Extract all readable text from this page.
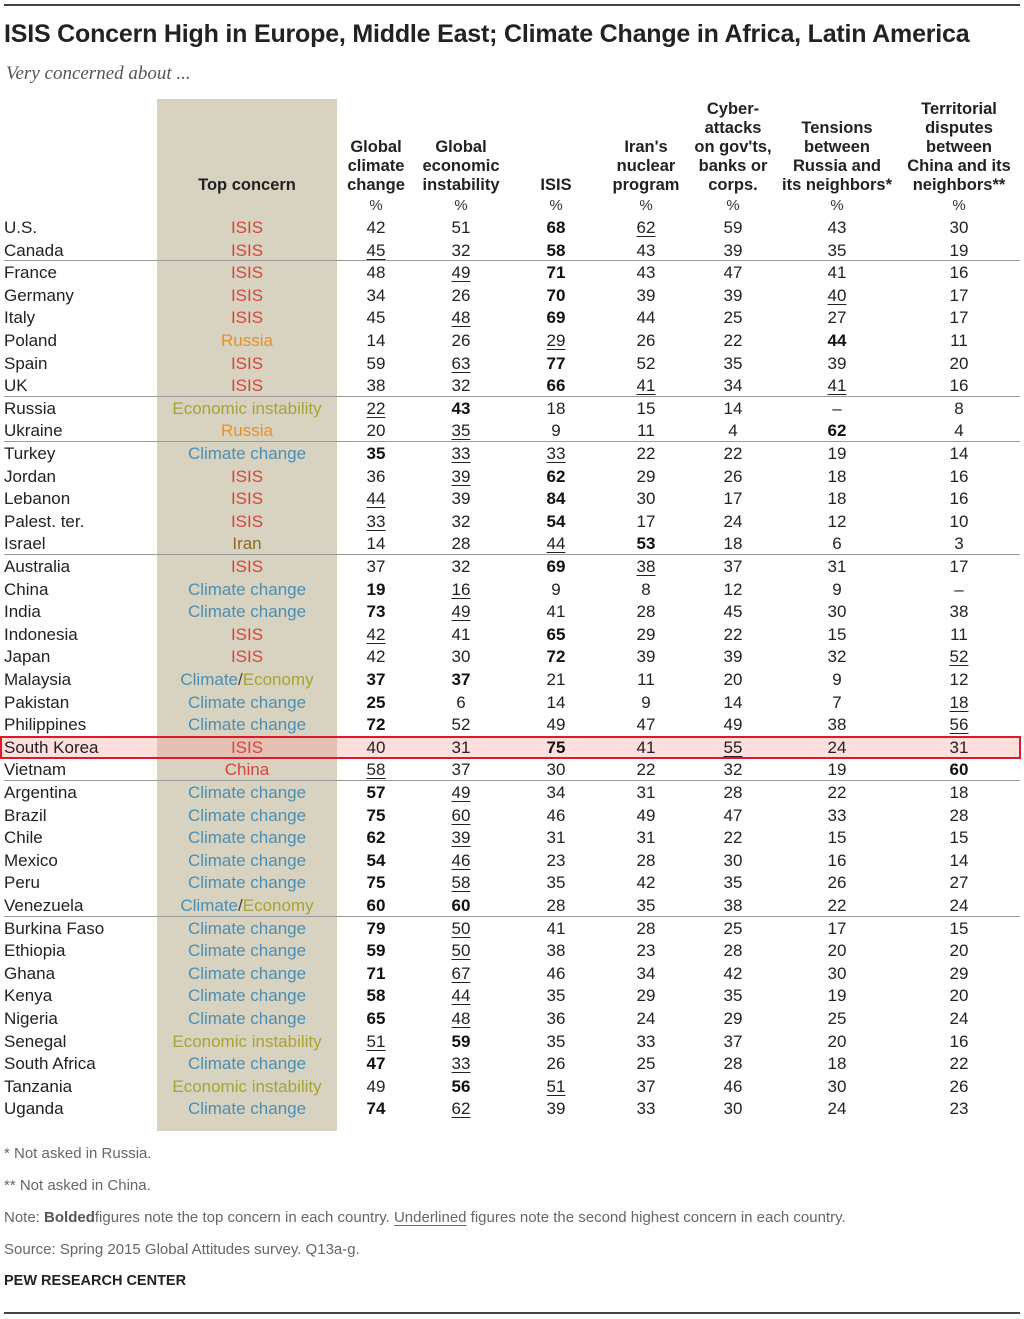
ISIS Concern High in Europe, Middle East; Climate Change in Africa, Latin America
Very concerned about ...
Top concern
Global
climate
change
%
Global
economic
instability
%
ISIS
%
Iran's
nuclear
program
%
Cyber-
attacks
on gov'ts,
banks or
corps.
%
Tensions
between
Russia and
its neighbors*
%
Territorial
disputes
between
China and its
neighbors**
%
U.S.	ISIS	42	51	68	62	59	43	30
Canada	ISIS	45	32	58	43	39	35	19
France	ISIS	48	49	71	43	47	41	16
Germany	ISIS	34	26	70	39	39	40	17
Italy	ISIS	45	48	69	44	25	27	17
Poland	Russia	14	26	29	26	22	44	11
Spain	ISIS	59	63	77	52	35	39	20
UK	ISIS	38	32	66	41	34	41	16
Russia	Economic instability	22	43	18	15	14	–	8
Ukraine	Russia	20	35	9	11	4	62	4
Turkey	Climate change	35	33	33	22	22	19	14
Jordan	ISIS	36	39	62	29	26	18	16
Lebanon	ISIS	44	39	84	30	17	18	16
Palest. ter.	ISIS	33	32	54	17	24	12	10
Israel	Iran	14	28	44	53	18	6	3
Australia	ISIS	37	32	69	38	37	31	17
China	Climate change	19	16	9	8	12	9	–
India	Climate change	73	49	41	28	45	30	38
Indonesia	ISIS	42	41	65	29	22	15	11
Japan	ISIS	42	30	72	39	39	32	52
Malaysia	Climate/Economy	37	37	21	11	20	9	12
Pakistan	Climate change	25	6	14	9	14	7	18
Philippines	Climate change	72	52	49	47	49	38	56
South Korea	ISIS	40	31	75	41	55	24	31
Vietnam	China	58	37	30	22	32	19	60
Argentina	Climate change	57	49	34	31	28	22	18
Brazil	Climate change	75	60	46	49	47	33	28
Chile	Climate change	62	39	31	31	22	15	15
Mexico	Climate change	54	46	23	28	30	16	14
Peru	Climate change	75	58	35	42	35	26	27
Venezuela	Climate/Economy	60	60	28	35	38	22	24
Burkina Faso	Climate change	79	50	41	28	25	17	15
Ethiopia	Climate change	59	50	38	23	28	20	20
Ghana	Climate change	71	67	46	34	42	30	29
Kenya	Climate change	58	44	35	29	35	19	20
Nigeria	Climate change	65	48	36	24	29	25	24
Senegal	Economic instability	51	59	35	33	37	20	16
South Africa	Climate change	47	33	26	25	28	18	22
Tanzania	Economic instability	49	56	51	37	46	30	26
Uganda	Climate change	74	62	39	33	30	24	23
* Not asked in Russia.
** Not asked in China.
Note: Boldedfigures note the top concern in each country. Underlined figures note the second highest concern in each country.
Source: Spring 2015 Global Attitudes survey. Q13a-g.
PEW RESEARCH CENTER
